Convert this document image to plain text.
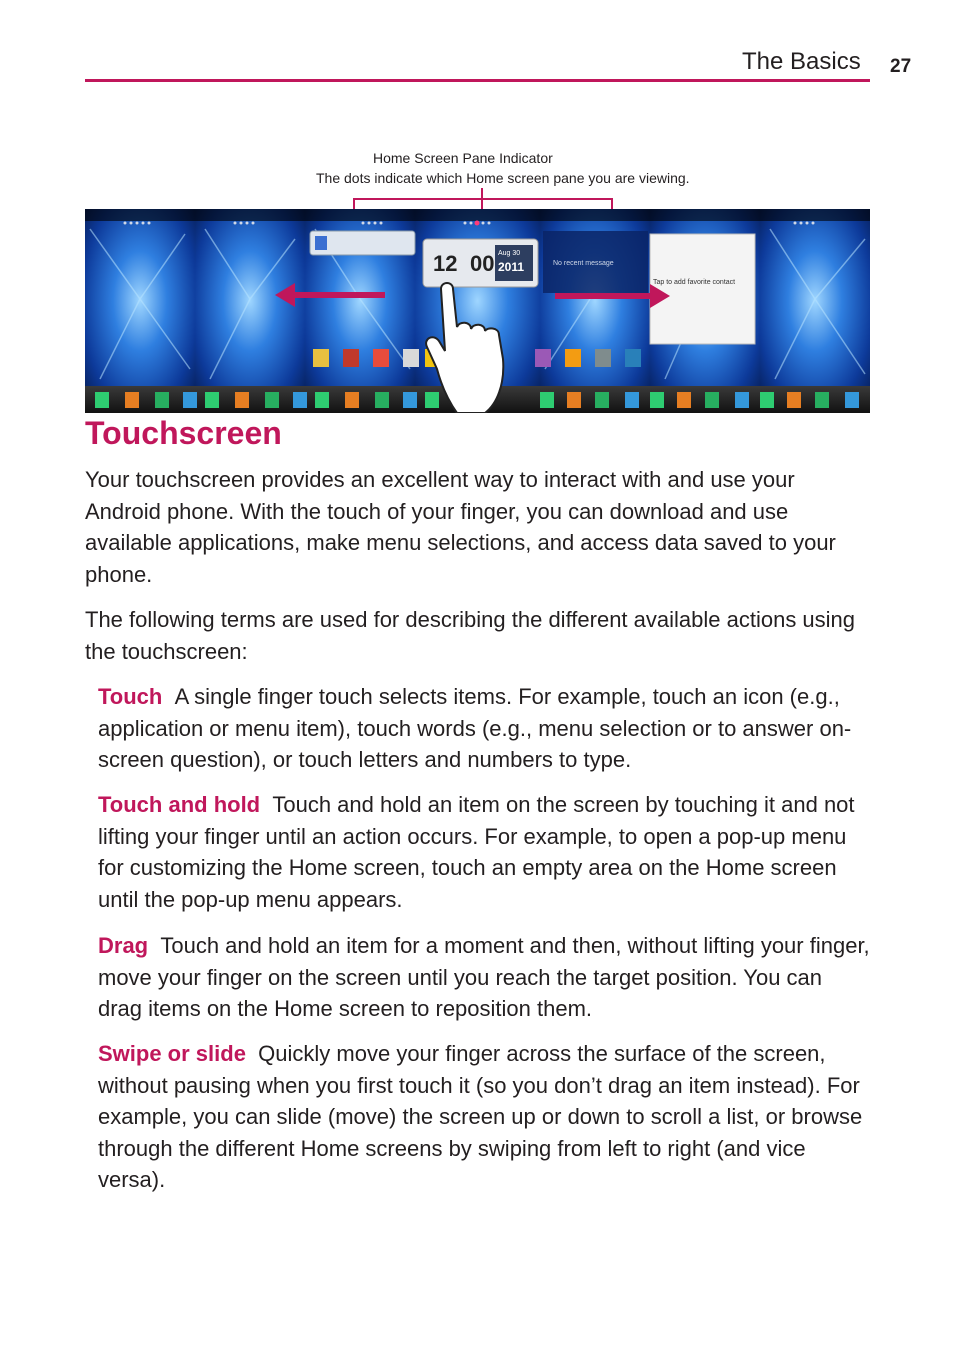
The Basics 27
Home Screen Pane Indicator
The dots indicate which Home screen pane you are viewing.
12 00 Aug 30
2011	No recent message
Tap to add favorite contact
Touchscreen

Your touchscreen provides an excellent way to interact with and use your Android phone. With the touch of your finger, you can download and use available applications, make menu selections, and access data saved to your phone.

The following terms are used for describing the different available actions using the touchscreen:

Touch A single finger touch selects items. For example, touch an icon (e.g., application or menu item), touch words (e.g., menu selection or to answer on-screen question), or touch letters and numbers to type.

Touch and hold Touch and hold an item on the screen by touching it and not lifting your finger until an action occurs. For example, to open a pop-up menu for customizing the Home screen, touch an empty area on the Home screen until the pop-up menu appears.

Drag Touch and hold an item for a moment and then, without lifting your finger, move your finger on the screen until you reach the target position. You can drag items on the Home screen to reposition them.

Swipe or slide Quickly move your finger across the surface of the screen, without pausing when you first touch it (so you don’t drag an item instead). For example, you can slide (move) the screen up or down to scroll a list, or browse through the different Home screens by swiping from left to right (and vice versa).
